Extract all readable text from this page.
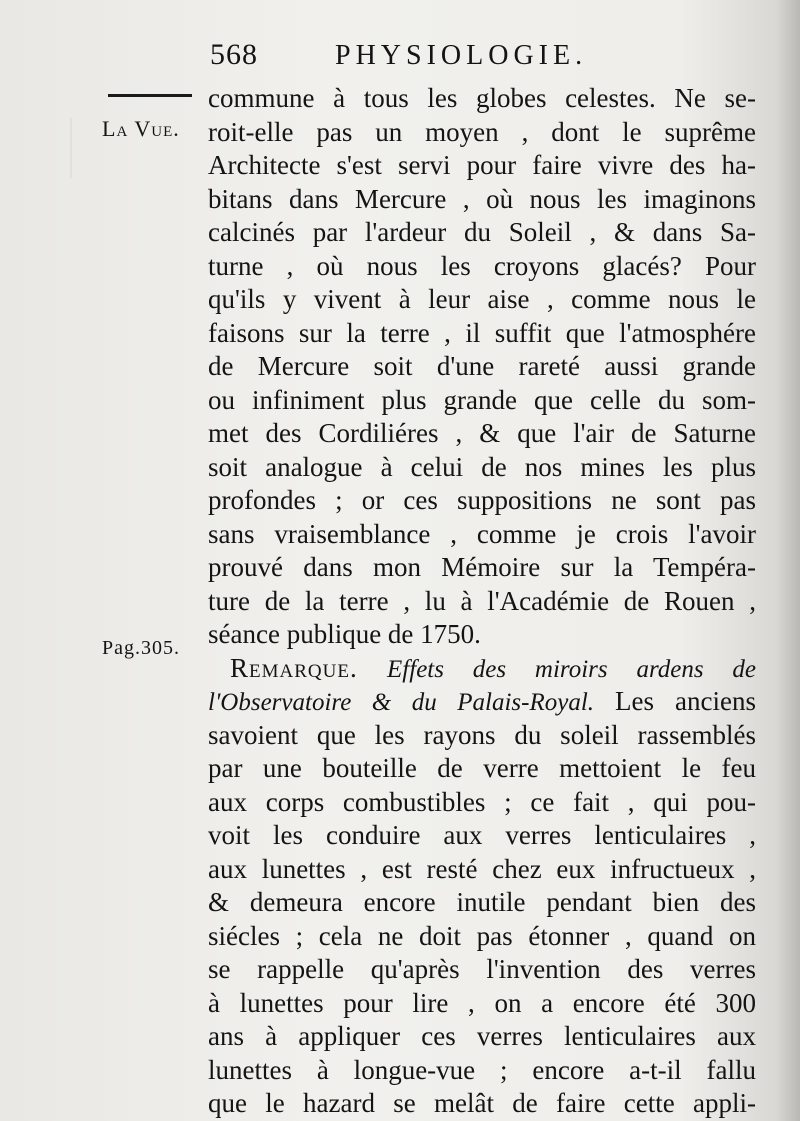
568	PHYSIOLOGIE.
La Vue.
Pag.305.
commune à tous les globes celestes. Ne se-
roit-elle pas un moyen , dont le suprême
Architecte s'est servi pour faire vivre des ha-
bitans dans Mercure , où nous les imaginons
calcinés par l'ardeur du Soleil , & dans Sa-
turne , où nous les croyons glacés? Pour
qu'ils y vivent à leur aise , comme nous le
faisons sur la terre , il suffit que l'atmosphére
de Mercure soit d'une rareté aussi grande
ou infiniment plus grande que celle du som-
met des Cordiliéres , & que l'air de Saturne
soit analogue à celui de nos mines les plus
profondes ; or ces suppositions ne sont pas
sans vraisemblance , comme je crois l'avoir
prouvé dans mon Mémoire sur la Tempéra-
ture de la terre , lu à l'Académie de Rouen ,
séance publique de 1750.
Remarque. Effets des miroirs ardens de
l'Observatoire & du Palais-Royal. Les anciens
savoient que les rayons du soleil rassemblés
par une bouteille de verre mettoient le feu
aux corps combustibles ; ce fait , qui pou-
voit les conduire aux verres lenticulaires ,
aux lunettes , est resté chez eux infructueux ,
& demeura encore inutile pendant bien des
siécles ; cela ne doit pas étonner , quand on
se rappelle qu'après l'invention des verres
à lunettes pour lire , on a encore été 300
ans à appliquer ces verres lenticulaires aux
lunettes à longue-vue ; encore a-t-il fallu
que le hazard se melât de faire cette appli-
